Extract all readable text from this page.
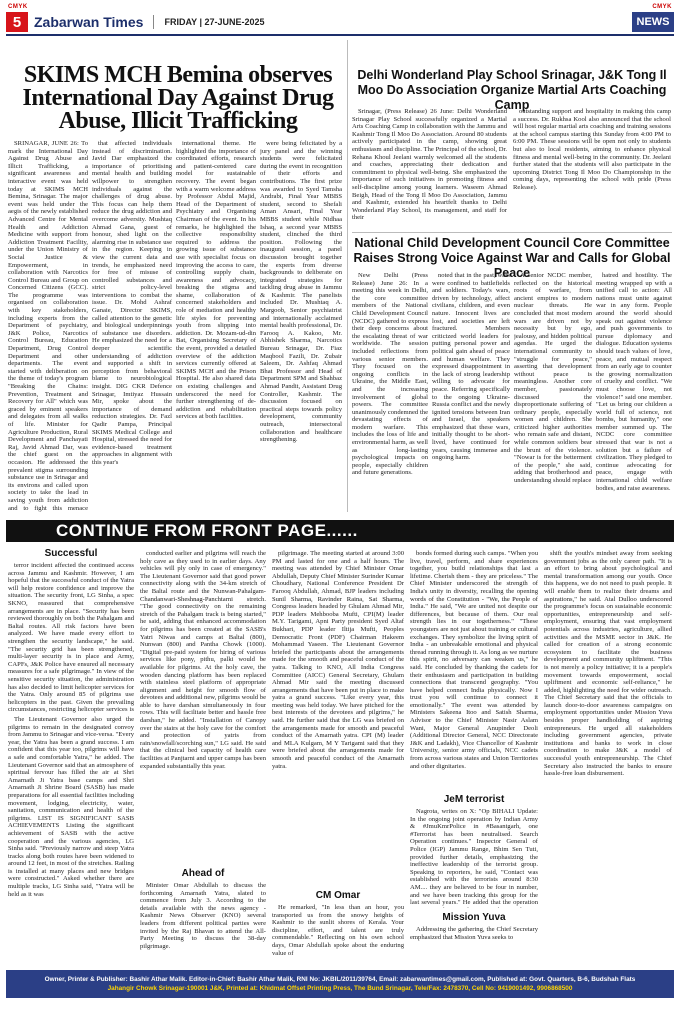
CMYK	CMYK
5 Zabarwan Times FRIDAY | 27-JUNE-2025	NEWS
SKIMS MCH Bemina observes International Day Against Drug Abuse, Illicit Trafficking

SRINAGAR, JUNE 26: To mark the International Day Against Drug Abuse and Illicit Trafficking, a significant awareness and interactive event was held today at SKIMS MCH Bemina, Srinagar. The major event was held under the aegis of the newly established Advanced Centre for Mental Health and Addiction Medicine with support from Addiction Treatment Facility, under the Union Ministry of Social Justice & Empowerment, in collaboration with Narcotics Control Bureau and Group on Concerned Citizens (GCC). The programme was organised on collaboration with key stakeholders, including experts from the Department of psychiatry, J&K Police, Narcotics Control Bureau, Education Department, Drug Control Department and other departments. The event started with deliberation on the theme of today's program "Breaking the Chains: Prevention, Treatment and Recovery for All" which was graced by eminent speakers and delegates from all walks of life. Minister for Agriculture Production, Rural Development and Panchayati Raj, Javid Ahmad Dar, was the chief guest on the occasion. He addressed the prevalent stigma surrounding substance use in Srinagar and its environs and called upon society to take the lead in saving youth from addiction and to fight this menace

that affected individuals instead of discrimination. Javid Dar emphasized the importance of prioritising mental health and building willpower to strengthen individuals against the challenges of drug abuse. This focus can help them reduce the drug addiction and overcome adversity. Mushtaq Ahmad Gana, guest of honour, shed light on the alarming rise in substance use in the region. Keeping in view the current data and trends, he emphasized need for free of misuse of controlled substances and strict policy-level interventions to combat the issue. Dr. Mohd Ashraf Ganaie, Director SKIMS, called attention to the genetic and biological underpinnings of substance use disorders. He emphasized the need for a deeper scientific understanding of addiction and supported a shift in perception from behavioral blame to neurobiological insight. DIG CKR Defence Srinagar, Imtiyaz Hussain Mir, spoke about the importance of demand reduction strategies. Dr. Fazl Qadir Pampa, Principal SKIMS Medical College and Hospital, stressed the need for evidence-based treatment approaches in alignment with this year's

international theme. He highlighted the importance of coordinated efforts, research and patient-centered care model for sustainable recovery. The event began with a warm welcome address by Professor Abdul Majid, Head of the Department of Psychiatry and Organising Chairman of the event. In his remarks, he highlighted the collective responsibility required to address the growing issue of substance use with specialist focus on improving the access to care, controlling supply chain, awareness and advocacy, breaking the stigma and shame, collaboration of concerned stakeholders and role of mediation and healthy life styles for preventing youth from slipping into addiction. Dr. Mozam-ud-din Bat, Organising Secretary of the event, provided a detailed overview of the addiction services currently offered at SKIMS MCH and the Prison Hospital. He also shared data on existing challenges and underscored the need for further strengthening of de-addiction and rehabilitation services at both facilities.

were being felicitated by a jury panel and the winning students were felicitated during the event in recognition of their efforts and contributions. The first prize was awarded to Syed Tamsha Andrabi, Final Year MBBS student, second to Shefali Aman Ansari, Final Year MBBS student while Nidhaa Ishaq, a second year MBBS student, clinched the third position. Following the inaugural session, a panel discussion brought together the experts from diverse backgrounds to deliberate on integrated strategies for tackling drug abuse in Jammu & Kashmir. The panelists included Dr. Mushtaq A. Margoob, Senior psychiatrist and internationally acclaimed mental health professional, Dr. Farooq A. Kakoo, Mr. Abhishek Sharma, Narcotics Bureau Srinagar, Dr. Fiaz Maqbool Fazili, Dr. Zubair Saleem, Dr. Ashfaq Ahmad Bhat Professor and Head of Department SPM and Shahbaz Ahmad Pandit, Assistant Drug Controller, Kashmir. The discussion focused on practical steps towards policy development, community outreach, intersectoral collaboration and healthcare strengthening.

Delhi Wonderland Play School Srinagar, J&K Tong Il Moo Do Association Organize Martial Arts Coaching Camp

Srinagar, (Press Release) 26 June: Delhi Wonderland Srinagar Play School successfully organized a Martial Arts Coaching Camp in collaboration with the Jammu and Kashmir Tong Il Moo Do Association. Around 80 students actively participated in the camp, showing great enthusiasm and discipline. The Principal of the school, Dr. Rehana Khoul Jeelani warmly welcomed all the students and coaches, appreciating their dedication and commitment to physical well-being. She emphasized the importance of such initiatives in promoting fitness and self-discipline among young learners. Waseem Ahmad Beigh, Head of the Tong Il Moo Do Association, Jammu and Kashmir, extended his heartfelt thanks to Delhi Wonderland Play School, its management, and staff for their

outstanding support and hospitality in making this camp a success. Dr. Rukhsa Kool also announced that the school will host regular martial arts coaching and training sessions at the school campus starting this Sunday from 4:00 PM to 6:00 PM. These sessions will be open not only to students but also to local residents, aiming to enhance physical fitness and mental well-being in the community. Dr. Jeelani further stated that the students will also participate in the upcoming District Tong Il Moo Do Championship in the coming days, representing the school with pride (Press Release).

National Child Development Council Core Committee Raises Strong Voice Against War and Calls for Global Peace

New Delhi (Press Release) June 26: In a meeting this week in Delhi, the core committee members of the National Child Development Council (NCDC) gathered to express their deep concerns about the escalating threat of war worldwide. The session included reflections from various senior members. They focused on the ongoing conflicts in Ukraine, the Middle East, and the increasing involvement of global powers. The committee unanimously condemned the devastating effects of modern warfare. This includes the loss of life and environmental harm, as well as long-lasting psychological impacts on people, especially children and future generations.

noted that in the past, wars were confined to battlefields and soldiers. Today's wars, driven by technology, affect civilians, children, and even nature. Innocent lives are lost, and societies are left fractured. Members criticized world leaders for putting personal power and political gain ahead of peace and human welfare. They expressed disappointment in the lack of strong leadership willing to advocate for peace. Referring specifically to the ongoing Ukraine-Russia conflict and the newly ignited tensions between Iran and Israel, the speakers emphasized that these wars, initially thought to be short-lived, have continued for years, causing immense and ongoing harm.

A senior NCDC member, reflected on the historical roots of warfare, from ancient empires to modern nuclear threats. He concluded that most modern wars are driven not by necessity but by ego, jealousy, and hidden political agendas. He urged the international community to "struggle for peace," asserting that development without peace is meaningless. Another core member, passionately discussed the disproportionate suffering of ordinary people, especially women and children. She criticized higher authorities who remain safe and distant, while common soldiers bear the brunt of the violence. "Nowar is for the betterment of the people," she said, adding that brotherhood and understanding should replace

hatred and hostility. The meeting wrapped up with a unified call to action: All nations must unite against war in any form. People around the world should speak out against violence and push governments to pursue diplomacy and dialogue. Education systems should teach values of love, peace, and mutual respect from an early age to counter the growing normalization of cruelty and conflict. "We must choose love, not violence!" said one member. "Let us bring our children a world full of science, not bombs, but humanity," one member summed up. The NCDC core committee stressed that war is not a solution but a failure of civilization. They pledged to continue advocating for peace, engage with international child welfare bodies, and raise awareness.

CONTINUE FROM FRONT PAGE......
Successful

terror incident affected the continued access across Jammu and Kashmir. However, I am hopeful that the successful conduct of the Yatra will help restore confidence and improve the situation. The security front, LG Sinha, a spec SKNO, reassured that comprehensive arrangements are in place. "Security has been reviewed thoroughly on both the Pahalgam and Baltal routes. All risk factors have been analyzed. We have made every effort to strengthen the security landscape," he said. "The security grid has been strengthened, multi-layer security is in place and Army, CAPFs, J&K Police have ensured all necessary measures for a safe pilgrimage." In view of the sensitive security situation, the administration has also decided to limit helicopter services for the Yatra. Only around 85 of pilgrims use helicopters in the past. Given the prevailing circumstances, restricting helicopter services is

The Lieutenant Governor also urged the pilgrims to remain in the designated convoy from Jammu to Srinagar and vice-versa. "Every year, the Yatra has been a grand success. I am confident that this year too, pilgrims will have a safe and comfortable Yatra," he added. The Lieutenant Governor said that an atmosphere of spiritual fervour has filled the air at Shri Amarnath Ji Yatra base camps and Shri Amarnath Ji Shrine Board (SASB) has made preparations for all essential facilities including movement, lodging, electricity, water, sanitation, communication and health of the pilgrims. LIST IS SIGNIFICANT SASB ACHIEVEMENTS Listing the significant achievement of SASB with the active cooperation and the various agencies, LG Sinha said. "Previously narrow and steep Yatra tracks along both routes have been widened to around 12 feet, in most of the stretches. Railing is installed at many places and new bridges were constructed." Asked whether there are multiple tracks, LG Sinha said, "Yatra will be held as it was

conducted earlier and pilgrims will reach the holy cave as they used to in earlier days. Any vehicles will ply only in case of emergency." The Lieutenant Governor said that good power connectivity along with the 34-km stretch of the Baltal route and the Nunwan-Pahalgam-Chandanwari-Sheshnag-Panchtarni stretch. "The good connectivity on the remaining stretch of the Pahalgam track is being started," he said, adding that enhanced accommodation for pilgrims has been created at the SASB's Yatri Niwas and camps at Baltal (800), Nunwan (800) and Pantha Chowk (1000). "Digital pre-paid system for hiring of various services like pony, pithu, palki would be available for pilgrims. At the holy cave, the wooden dancing platform has been replaced with stainless steel platform of appropriate alignment and height for smooth flow of devotees and additional new, pilgrims would be able to have darshan simultaneously in four rows. This will facilitate better and hassle free darshan," he added. "Installation of Canopy over the stairs at the holy cave for the comfort and protection of yatris from rain/snowfall/scorching sun," LG said. He said that the clinical bed capacity of health care facilities at Panjtarni and upper camps has been expanded substantially this year.

Ahead of

Minister Omar Abdullah to discuss the forthcoming Amarnath Yatra, slated to commence from July 3. According to the details available with the news agency - Kashmir News Observer (KNO) several leaders from different political parties were invited by the Raj Bhavan to attend the All-Party Meeting to discuss the 38-day pilgrimage.

pilgrimage. The meeting started at around 3:00 PM and lasted for one and a half hours. The meeting was attended by Chief Minister Omar Abdullah, Deputy Chief Minister Surinder Kumar Choudhary, National Conference President Dr Farooq Abdullah, Ahmad, BJP leaders including Sunil Sharma, Ravinder Raina, Sat Sharma, Congress leaders headed by Ghulam Ahmad Mir, PDP leaders Mehbooba Mufti, CPI(M) leader M.Y. Tarigami, Apni Party president Syed Altaf Bukhari, PDP leader Iltija Mufti, Peoples Democratic Front (PDF) Chairman Hakeem Mohammad Yaseen. The Lieutenant Governor briefed the participants about the arrangements made for the smooth and peaceful conduct of the yatra. Talking to KNO, All India Congress Committee (AICC) General Secretary, Ghulam Ahmad Mir said the meeting discussed arrangements that have been put in place to make yatra a grand success. "Like every year, this meeting was held today. We have pitched for the best interests of the devotees and pilgrims," he said. He further said that the LG was briefed on the arrangements made for smooth and peaceful conduct of the Amarnath yatra. CPI (M) leader and MLA Kulgam, M Y Tarigami said that they were briefed about the arrangements made for smooth and peaceful conduct of the Amarnath yatra.

CM Omar

He remarked, "In less than an hour, you transported us from the snowy heights of Kashmir to the sunlit shores of Kerala. Your discipline, effort, and talent are truly commendable." Reflecting on his own school days, Omar Abdullah spoke about the enduring value of

bonds formed during such camps. "When you live, travel, perform, and share experiences together, you build relationships that last a lifetime. Cherish them - they are priceless." The Chief Minister underscored the strength of India's unity in diversity, recalling the opening words of the Constitution - "We, the People of India." He said, "We are united not despite our differences, but because of them. Our real strength lies in our togetherness." "These youngsters are not just about training or cultural exchanges. They symbolize the living spirit of India - an unbreakable emotional and physical thread running through it. As long as we nurture this spirit, no adversary can weaken us," he said. He concluded by thanking the cadets for their enthusiasm and participation in building connections that transcend geography. "You have helped connect India physically. Now I trust you will continue to connect it emotionally." The event was attended by Ministers Sakeena Itoo and Satish Sharma, Advisor to the Chief Minister Nasir Aslam Wani, Major General Anupinder Deoli (Additional Director General, NCC Directorate J&K and Ladakh), Vice Chancellor of Kashmir University, senior army officials, NCC cadets from across various states and Union Territories and other dignitaries.

JeM terrorist

Nagrota, writes on X: "Op BIHALI Update: In the ongoing joint operation by Indian Army & #JmuKmrPolice in #Basantgarh, one #Terrorist has been neutralised. Search Operation continues." Inspector General of Police (IGP) Jammu Range, Bhim Sen Tuti, provided further details, emphasizing the ineffective leadership of the terrorist group. Speaking to reporters, he said, "Contact was established with the terrorists around 8:30 AM.... they are believed to be four in number, and we have been tracking this group for the last several years." He added that the operation

Mission Yuva

Addressing the gathering, the Chief Secretary emphasized that Mission Yuva seeks to

shift the youth's mindset away from seeking government jobs as the only career path. "It is an effort to bring about psychological and mental transformation among our youth. Once this happens, we do not need to push people. It will enable them to realize their dreams and aspirations," he said. Atal Dulloo underscored the programme's focus on sustainable economic opportunities, entrepreneurship and self-employment, ensuring that vast employment potentials across industries, agriculture, allied activities and the MSME sector in J&K. He called for creation of a strong economic ecosystem to facilitate the business development and community upliftment. "This is not merely a policy initiative; it is a people's movement towards empowerment, social upliftment and economic self-reliance," he added, highlighting the need for wider outreach. The Chief Secretary said that the officials to launch door-to-door awareness campaigns on employment opportunities under Mission Yuva besides proper handholding of aspiring entrepreneurs. He urged all stakeholders including government agencies, private institutions and banks to work in close coordination to make J&K a model of successful youth entrepreneurship. The Chief Secretary also instructed the banks to ensure hassle-free loan disbursement.

Owner, Printer & Publisher: Bashir Athar Malik. Editor-in-Chief: Bashir Athar Malik, RNI No: JKBIL/2011/39764, Email: zabarwantimes@gmail.com, Published at: Govt. Quarters, B-6, Budshah Flats
Jahangir Chowk Srinagar-190001 J&K, Printed at: Khidmat Offset Printing Press, The Bund Srinagar, Tele/Fax: 2478370, Cell No: 9419001492, 9906868500
